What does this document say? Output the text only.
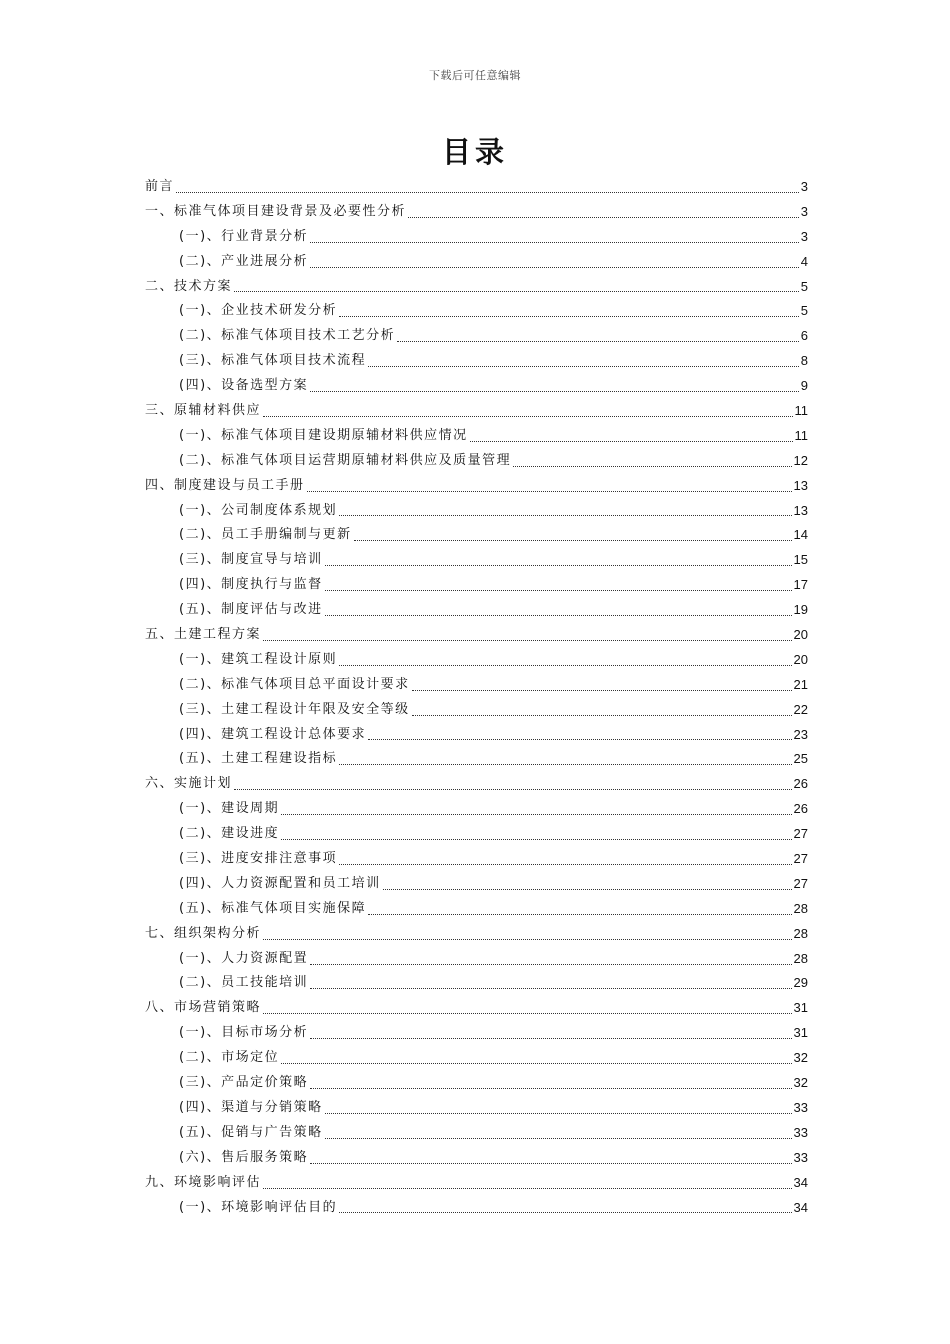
下载后可任意编辑
目录
前言	3
一、标准气体项目建设背景及必要性分析	3
(一)、行业背景分析	3
(二)、产业进展分析	4
二、技术方案	5
(一)、企业技术研发分析	5
(二)、标准气体项目技术工艺分析	6
(三)、标准气体项目技术流程	8
(四)、设备选型方案	9
三、原辅材料供应	11
(一)、标准气体项目建设期原辅材料供应情况	11
(二)、标准气体项目运营期原辅材料供应及质量管理	12
四、制度建设与员工手册	13
(一)、公司制度体系规划	13
(二)、员工手册编制与更新	14
(三)、制度宣导与培训	15
(四)、制度执行与监督	17
(五)、制度评估与改进	19
五、土建工程方案	20
(一)、建筑工程设计原则	20
(二)、标准气体项目总平面设计要求	21
(三)、土建工程设计年限及安全等级	22
(四)、建筑工程设计总体要求	23
(五)、土建工程建设指标	25
六、实施计划	26
(一)、建设周期	26
(二)、建设进度	27
(三)、进度安排注意事项	27
(四)、人力资源配置和员工培训	27
(五)、标准气体项目实施保障	28
七、组织架构分析	28
(一)、人力资源配置	28
(二)、员工技能培训	29
八、市场营销策略	31
(一)、目标市场分析	31
(二)、市场定位	32
(三)、产品定价策略	32
(四)、渠道与分销策略	33
(五)、促销与广告策略	33
(六)、售后服务策略	33
九、环境影响评估	34
(一)、环境影响评估目的	34
